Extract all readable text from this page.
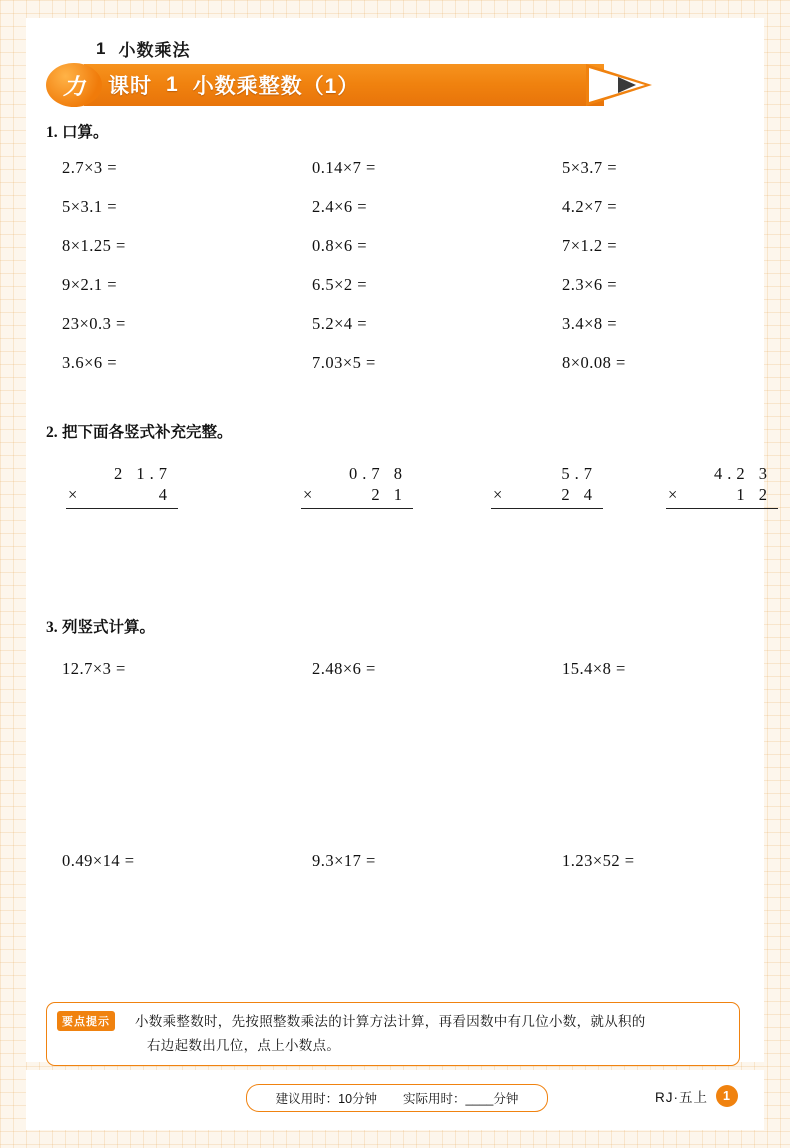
1 小数乘法
力	课时 1 小数乘整数（1）
1. 口算。
2.7×3 =	0.14×7 =	5×3.7 =
5×3.1 =	2.4×6 =	4.2×7 =
8×1.25 =	0.8×6 =	7×1.2 =
9×2.1 =	6.5×2 =	2.3×6 =
23×0.3 =	5.2×4 =	3.4×8 =
3.6×6 =	7.03×5 =	8×0.08 =
2. 把下面各竖式补充完整。
2 1.7
×	4
0.7 8
×	2 1
5.7
×	2 4
4.2 3
×	1 2
3. 列竖式计算。
12.7×3 =	2.48×6 =	15.4×8 =
0.49×14 =	9.3×17 =	1.23×52 =
要点提示	小数乘整数时，先按照整数乘法的计算方法计算，再看因数中有几位小数，就从积的
右边起数出几位，点上小数点。
建议用时：10分钟 实际用时：____分钟	RJ·五上	1
